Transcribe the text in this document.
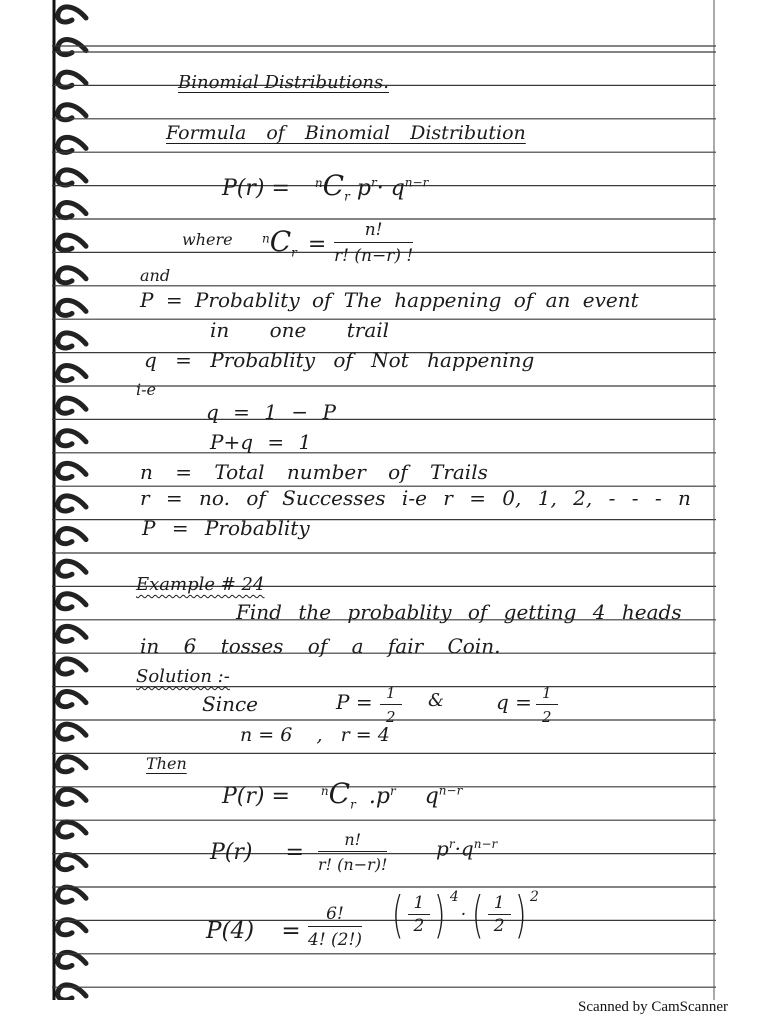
Binomial Distributions.
Formula of Binomial Distribution
$P(r) = ^nC_r$ $p^r\cdot q^{n-r}$
where $^nC_r$ =
n!
r! (n−r) !
and
P = Probablity of The happening of an event
in one trail
q = Probablity of Not happening
i-e
q = 1 − P
P+q = 1
n = Total number of Trails
r = no. of Successes i-e r = 0, 1, 2, - - - n
P = Probablity
Example # 24
Find the probablity of getting 4 heads
in 6 tosses of a fair Coin.
Solution :-
Since	P = 1
2
&	q = 1
2
n = 6    ,   r = 4
Then
P(r) =	$^nC_r$ $.p^r$ $q^{n-r}$
P(r) =
n!
r! (n−r)!
$p^r\cdot q^{n-r}$
P(4) =
6!
4! (2!) ( $\frac{1}{2}$ ) $^4$
· ( $\frac{1}{2}$ ) $^2$
Scanned by CamScanner
